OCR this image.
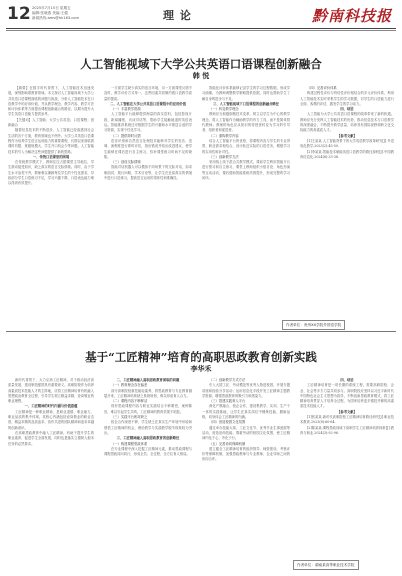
12 2025年7月15日 星期五
编辑:张晓燕 美编:王健
新闻热线:ams@hh163.com	理 论	黔南科技报
人工智能视域下大学公共英语口语课程创新融合
韩 悦

【摘要】在数字时代背景下，人工智能技术迅速发展，深刻影响着教育领域。本文探讨人工智能视域下大学公共英语口语课程面临的问题与挑战，分析人工智能技术在口语教学中的应用价值，并从教学理念、教学内容、教学方法和评价体系等方面提出课程创新融合的路径，以期为提升大学生英语口语能力提供参考。

【关键词】人工智能；大学公共英语；口语课程；创新融合

随着信息技术的不断进步，人工智能已经渗透到社会生活的各个方面，教育领域也不例外。大学公共英语口语课程作为培养学生语言运用能力的重要课程，长期以来面临着课时有限、班级规模大、学生开口机会少等问题。人工智能技术的引入为解决这些问题提供了新的思路。

一、传统口语课堂的困境

在传统教学模式下，教师往往占据课堂主导地位，学生被动接受知识，缺乏真实的语言交际情境。同时，由于学生水平参差不齐，教师难以兼顾每位学生的个性化需求，导致部分学生口语练习不足，学习兴趣下降，口语表达能力难以得到有效提升。

一方面学生缺少真实的语言环境，另一方面课堂反馈不及时，教学评价方式单一，这些因素共同制约着口语教学质量的提高。

二、人工智能在大学公共英语口语课程中的应用价值

（一）丰富教学资源

人工智能平台能够提供海量的真实语料，包括影视片段、新闻播报、访谈对话等，帮助学生接触地道的英语表达。智能推荐系统还可根据学生的兴趣和水平推送合适的学习资源，实现个性化学习。

（二）提供即时反馈

语音识别和自然语言处理技术能够对学生的发音、语调、流利度进行即时评估，指出错误并给出改进建议，使学生能够在课后进行自主练习，弥补课堂练习时间不足的缺陷。

（三）创设交际情境

智能对话机器人可以模拟不同场景下的交际对话，如求职面试、旅行问路、学术讨论等，让学生在近似真实的情境中进行口语练习，提高语言运用的得体性和准确性。

智能化评价体系能够记录学生的学习过程数据，形成学习画像，为教师调整教学策略提供依据，同时也帮助学生了解自身的进步与不足。

三、人工智能视域下口语课程的创新融合路径

（一）转变教学理念

教师应当积极拥抱技术变革，树立以学生为中心的教学理念，将人工智能作为辅助教学的有力工具，而不是简单替代教师。教师的角色应从知识的传授者转变为学习的引导者、组织者和促进者。

（二）重构教学内容

结合人工智能平台的优势，将课程内容与学生的专业背景、职业需求相结合，设计贴近实际的口语任务，增强学习的实用性和针对性。

（三）创新教学方法

采用线上线下混合式教学模式，课前学生利用智能平台进行预习和自主练习，课堂上教师组织小组讨论、角色扮演等互动活动，课后借助智能系统巩固提升，形成完整的学习闭环。

（四）完善评价体系

构建过程性评价与终结性评价相结合的多元评价体系，利用人工智能技术实时采集学生的学习数据，对学生的口语能力进行全面、客观的评估，激发学生的学习动力。

四、结语

人工智能为大学公共英语口语课程的改革带来了新的机遇。教师应充分发挥人工智能技术的优势，推动信息技术与口语教学的深度融合，不断提升教学质量，培养具有国际视野和跨文化交际能力的高素质人才。

【参考文献】

[1]王某某.人工智能背景下的大学英语教学改革研究[J].外语电化教学,2023(2):45-50.

[2]李某某.智能技术赋能英语口语教学的路径探析[J].中国教育信息化,2024(6):33-38.

作者单位：贵州XX学院外国语学院
基于“工匠精神”培育的高职思政教育创新实践
李华禾

新时代背景下，大力弘扬工匠精神，对于推动经济高质量发展、建设制造强国具有重要意义。高职院校作为培养高素质技术技能人才的主阵地，应将工匠精神培育有机融入思想政治教育全过程，引导学生树立精益求精、爱岗敬业的职业理想。

一、工匠精神的时代内涵与价值意蕴

工匠精神是一种职业精神，是职业道德、职业能力、职业品质的集中体现。其核心内涵包括爱岗敬业的职业态度、精益求精的品质追求、协作共进的团队精神和追求卓越的创新意识。

在高职思政教育中融入工匠精神，有助于提升学生的职业素养，促进学生全面发展，同时也是落实立德树人根本任务的必然要求。

二、工匠精神融入高职思政教育面临的问题

（一）教育理念存在偏差

部分高职院校重技能轻素养，将思政教育与专业教育割裂开来，工匠精神培育缺乏系统规划，难以形成育人合力。

（二）课程内容不够鲜活

现有思政课程内容与职业实践结合不够紧密，案例陈旧，难以引起学生共鸣，工匠精神的教育效果不明显。

（三）实践平台相对缺乏

校企合作深度不够，学生缺乏在真实生产环境中体验和感悟工匠精神的机会，理论教学与实践教学脱节现象较为突出。

三、工匠精神融入高职思政教育的创新路径

（一）构建课程思政体系

在专业课程中深入挖掘工匠精神元素，推动思政课程与课程思政同向同行，形成全员、全过程、全方位育人格局。

（二）创新教学方式方法

引入大国工匠、劳动模范等优秀人物进校园，开展专题讲座和经验分享活动；运用信息化手段开发工匠精神主题教学资源，增强思政教育的吸引力和感染力。

（三）搭建实践育人平台

深化产教融合、校企合作，建设集教学、实训、生产于一体的实践基地，让学生在真实岗位中锤炼技能、磨砺品格，切身体会工匠精神的内涵。

（四）营造校园文化氛围

通过举办技能大赛、工匠文化节、优秀毕业生事迹展等活动，营造崇尚技能、尊重劳动的校园文化氛围，使工匠精神内化于心、外化于行。

（五）完善协同保障机制

建立健全工匠精神培育的组织领导、师资建设、考核评价等保障机制，加强思政教师与专业教师、企业导师之间的协同合作。

四、结语

工匠精神培育是一项长期的系统工程，需要高职院校、企业、社会等多方力量共同参与。高职院校应坚持以习近平新时代中国特色社会主义思想为指导，不断创新思政教育模式，将工匠精神培育贯穿人才培养全过程，为国家培养更多德技并修的高素质技术技能人才。

【参考文献】

[1]张某某.新时代高职院校工匠精神培育路径研究[J].职业技术教育,2023(8):60-64.

[2]陈某某.课程思政视域下高职学生工匠精神培养探析[J].教育与职业,2024(3):92-96.

作者单位：湖南某高等职业技术学院
